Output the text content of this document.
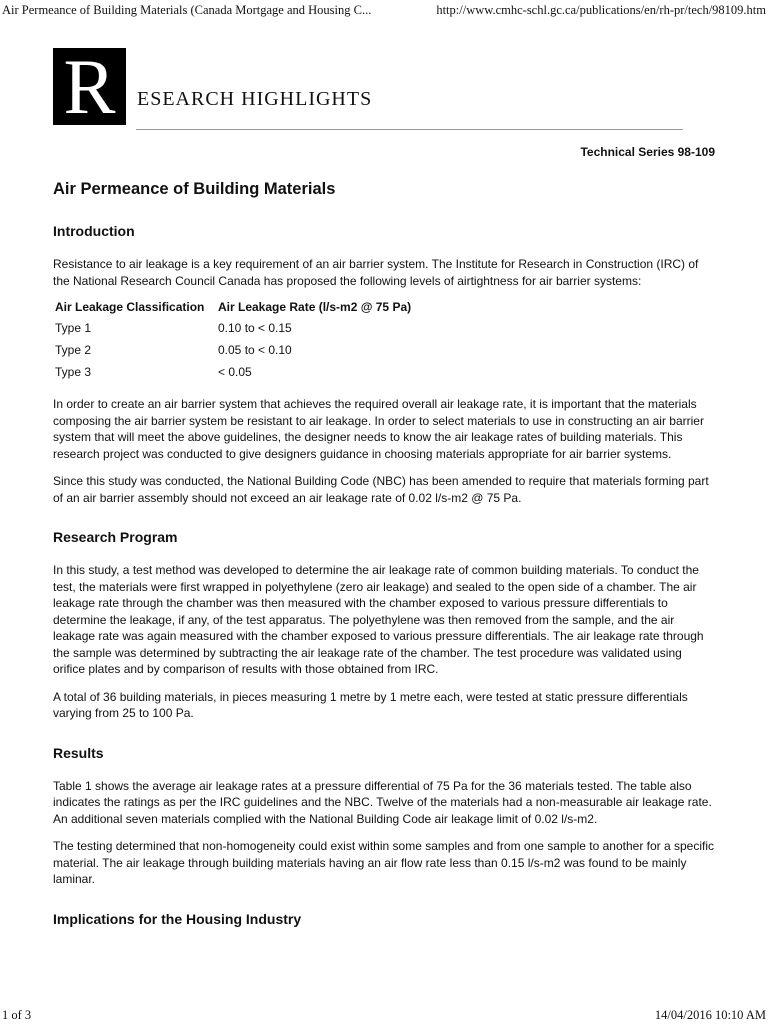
Air Permeance of Building Materials (Canada Mortgage and Housing C...	http://www.cmhc-schl.gc.ca/publications/en/rh-pr/tech/98109.htm
R	ESEARCH HIGHLIGHTS
Technical Series 98-109
Air Permeance of Building Materials
Introduction

Resistance to air leakage is a key requirement of an air barrier system. The Institute for Research in Construction (IRC) of the National Research Council Canada has proposed the following levels of airtightness for air barrier systems:

Air Leakage Classification	Air Leakage Rate (l/s-m2 @ 75 Pa)
Type 1	0.10 to < 0.15
Type 2	0.05 to < 0.10
Type 3	< 0.05

In order to create an air barrier system that achieves the required overall air leakage rate, it is important that the materials composing the air barrier system be resistant to air leakage. In order to select materials to use in constructing an air barrier system that will meet the above guidelines, the designer needs to know the air leakage rates of building materials. This research project was conducted to give designers guidance in choosing materials appropriate for air barrier systems.

Since this study was conducted, the National Building Code (NBC) has been amended to require that materials forming part of an air barrier assembly should not exceed an air leakage rate of 0.02 l/s-m2 @ 75 Pa.

Research Program

In this study, a test method was developed to determine the air leakage rate of common building materials. To conduct the test, the materials were first wrapped in polyethylene (zero air leakage) and sealed to the open side of a chamber. The air leakage rate through the chamber was then measured with the chamber exposed to various pressure differentials to determine the leakage, if any, of the test apparatus. The polyethylene was then removed from the sample, and the air leakage rate was again measured with the chamber exposed to various pressure differentials. The air leakage rate through the sample was determined by subtracting the air leakage rate of the chamber. The test procedure was validated using orifice plates and by comparison of results with those obtained from IRC.

A total of 36 building materials, in pieces measuring 1 metre by 1 metre each, were tested at static pressure differentials varying from 25 to 100 Pa.

Results

Table 1 shows the average air leakage rates at a pressure differential of 75 Pa for the 36 materials tested. The table also indicates the ratings as per the IRC guidelines and the NBC. Twelve of the materials had a non-measurable air leakage rate. An additional seven materials complied with the National Building Code air leakage limit of 0.02 l/s-m2.

The testing determined that non-homogeneity could exist within some samples and from one sample to another for a specific material. The air leakage through building materials having an air flow rate less than 0.15 l/s-m2 was found to be mainly laminar.

Implications for the Housing Industry
1 of 3	14/04/2016 10:10 AM
